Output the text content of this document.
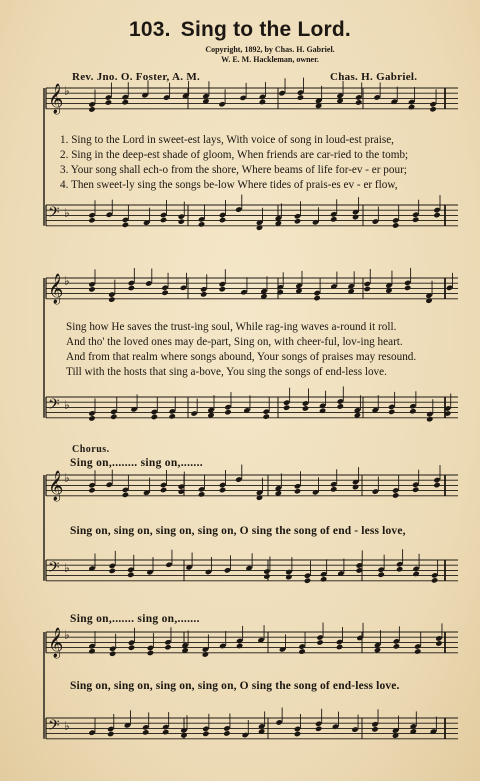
103. Sing to the Lord.
Copyright, 1892, by Chas. H. Gabriel.
W. E. M. Hackleman, owner.
Rev. Jno. O. Foster, A. M.	Chas. H. Gabriel.
𝄞 ♭
𝄢 ♭
𝄞 ♭
𝄢 ♭
𝄞 ♭
𝄢 ♭
𝄞 ♭
𝄢 ♭
1. Sing to the Lord in sweet-est lays, With voice of song in loud-est praise,
2. Sing in the deep-est shade of gloom, When friends are car-ried to the tomb;
3. Your song shall ech-o from the shore, Where beams of life for-ev - er pour;
4. Then sweet-ly sing the songs be-low Where tides of prais-es ev - er flow,
Sing how He saves the trust-ing soul, While rag-ing waves a-round it roll.
And tho' the loved ones may de-part, Sing on, with cheer-ful, lov-ing heart.
And from that realm where songs abound, Your songs of praises may resound.
Till with the hosts that sing a-bove, You sing the songs of end-less love.
Chorus.
Sing on,........ sing on,.......
Sing on, sing on, sing on, sing on, O sing the song of end - less love,
Sing on,....... sing on,.......
Sing on, sing on, sing on, sing on, O sing the song of end-less love.
